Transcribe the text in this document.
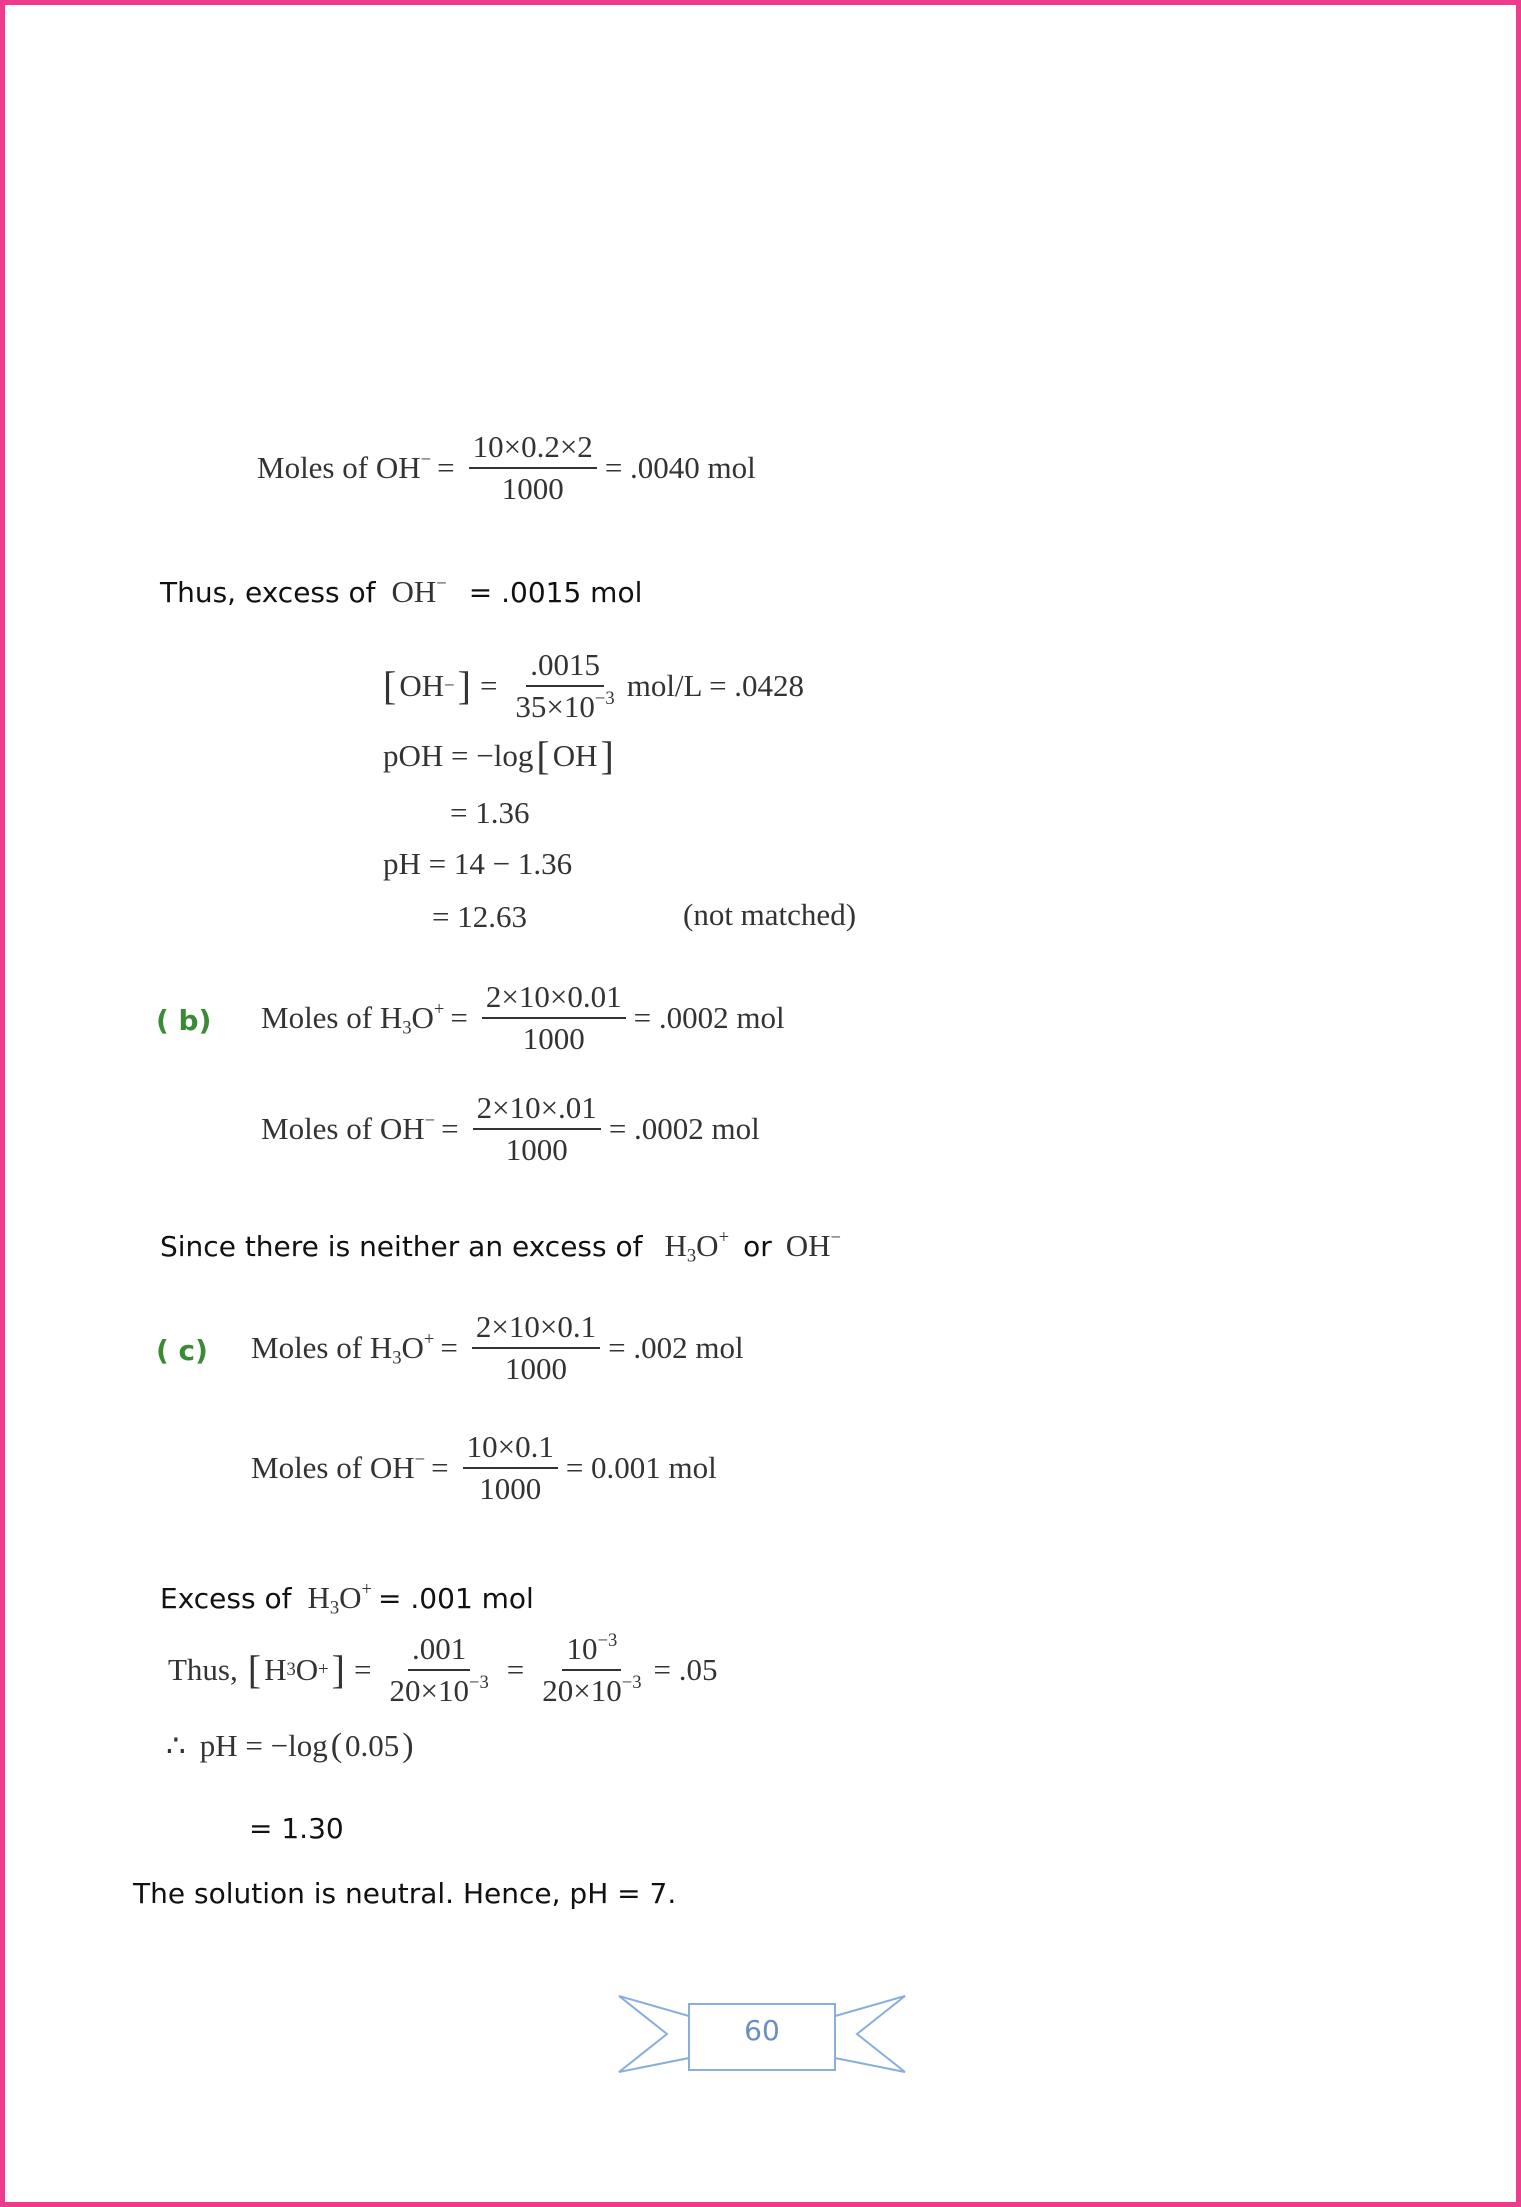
Moles of $OH^- = \frac{10\times 0.2\times 2}{1000} = .0040$ mol
Thus, excess of OH− = .0015 mol
[ OH − ] = $\frac{.0015}{35\times 10^{-3}} mol/L = .0428$
pOH = −log [ OH ]
= 1.36
pH = 14 − 1.36
= 12.63	(not matched)
( b) Moles of $H_3O^+ = \frac{2\times 10\times 0.01}{1000} = .0002$ mol
Moles of $OH^- = \frac{2\times 10\times.01}{1000} = .0002$ mol
Since there is neither an excess of $H_3O^+$ or OH−
( c) Moles of $H_3O^+ = \frac{2\times 10\times 0.1}{1000} = .002$ mol
Moles of $OH^- = \frac{10\times 0.1}{1000} = 0.001$ mol
Excess of $H_3O^+ = .001$ mol
Thus, [ H 3 O + ] = $\frac{.001}{20\times 10^{-3}} = \frac{10^{-3}}{20\times 10^{-3}} = .05$
∴ pH = −log ( 0.05 )
= 1.30
The solution is neutral. Hence, pH = 7.
60
